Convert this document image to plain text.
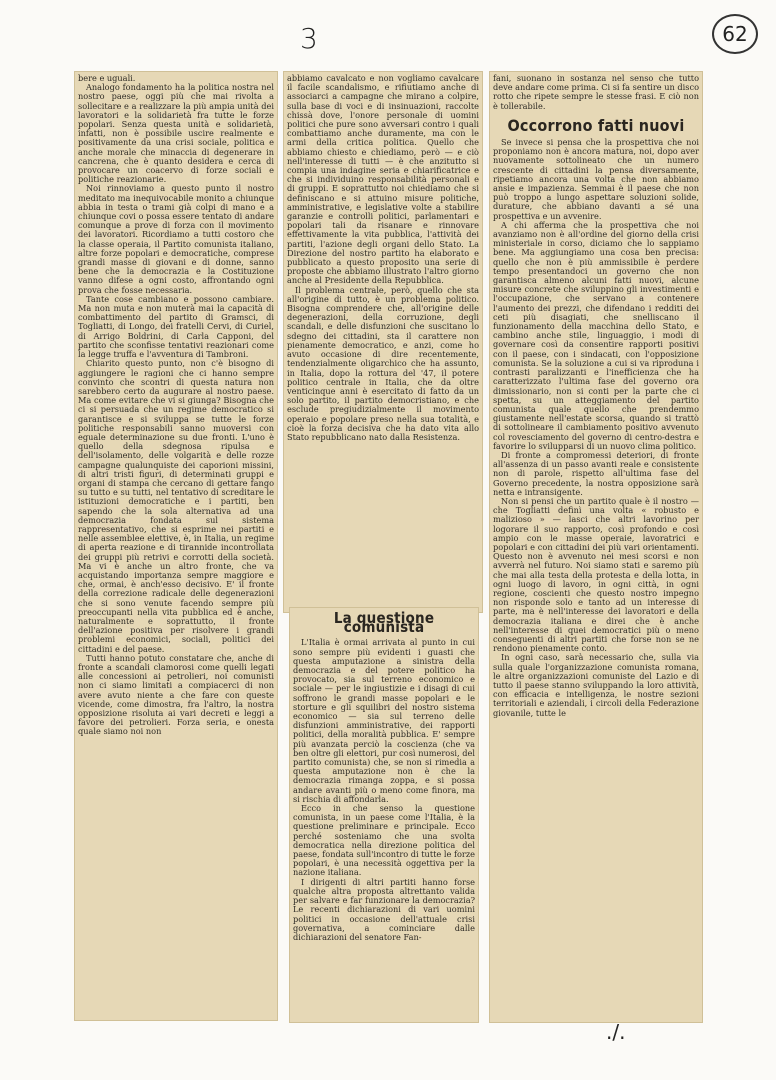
3	62

bere e uguali.

Analogo fondamento ha la politica nostra nel nostro paese, oggi più che mai rivolta a sollecitare e a realizzare la più ampia unità dei lavoratori e la solidarietà fra tutte le forze popolari. Senza questa unità e solidarietà, infatti, non è possibile uscire realmente e positivamente da una crisi sociale, politica e anche morale che minaccia di degenerare in cancrena, che è quanto desidera e cerca di provocare un coacervo di forze sociali e politiche reazionarie.

Noi rinnoviamo a questo punto il nostro meditato ma inequivocabile monito a chiunque abbia in testa o trami già colpi di mano e a chiunque covi o possa essere tentato di andare comunque a prove di forza con il movimento dei lavoratori. Ricordiamo a tutti costoro che la classe operaia, il Partito comunista italiano, altre forze popolari e democratiche, comprese grandi masse di giovani e di donne, sanno bene che la democrazia e la Costituzione vanno difese a ogni costo, affrontando ogni prova che fosse necessaria.

Tante cose cambiano e possono cambiare. Ma non muta e non muterà mai la capacità di combattimento del partito di Gramsci, di Togliatti, di Longo, dei fratelli Cervi, di Curiel, di Arrigo Boldrini, di Carla Capponi, del partito che sconfisse tentativi reazionari come la legge truffa e l'avventura di Tambroni.

Chiarito questo punto, non c'è bisogno di aggiungere le ragioni che ci hanno sempre convinto che scontri di questa natura non sarebbero certo da augurare al nostro paese. Ma come evitare che vi si giunga? Bisogna che ci si persuada che un regime democratico si garantisce e si sviluppa se tutte le forze politiche responsabili sanno muoversi con eguale determinazione su due fronti. L'uno è quello della sdegnosa ripulsa e dell'isolamento, delle volgarità e delle rozze campagne qualunquiste dei caporioni missini, di altri tristi figuri, di determinati gruppi e organi di stampa che cercano di gettare fango su tutto e su tutti, nel tentativo di screditare le istituzioni democratiche e i partiti, ben sapendo che la sola alternativa ad una democrazia fondata sul sistema rappresentativo, che si esprime nei partiti e nelle assemblee elettive, è, in Italia, un regime di aperta reazione e di tirannide incontrollata dei gruppi più retrivi e corrotti della società. Ma vi è anche un altro fronte, che va acquistando importanza sempre maggiore e che, ormai, è anch'esso decisivo. E' il fronte della correzione radicale delle degenerazioni che si sono venute facendo sempre più preoccupanti nella vita pubblica ed è anche, naturalmente e soprattutto, il fronte dell'azione positiva per risolvere i grandi problemi economici, sociali, politici dei cittadini e del paese.

Tutti hanno potuto constatare che, anche di fronte a scandali clamorosi come quelli legati alle concessioni ai petrolieri, noi comunisti non ci siamo limitati a compiacerci di non avere avuto niente a che fare con queste vicende, come dimostra, fra l'altro, la nostra opposizione risoluta ai vari decreti e leggi a favore dei petrolieri. Forza seria, e onesta quale siamo noi non

abbiamo cavalcato e non vogliamo cavalcare il facile scandalismo, e rifiutiamo anche di associarci a campagne che mirano a colpire, sulla base di voci e di insinuazioni, raccolte chissà dove, l'onore personale di uomini politici che pure sono avversari contro i quali combattiamo anche duramente, ma con le armi della critica politica. Quello che abbiamo chiesto e chiediamo, però — e ciò nell'interesse di tutti — è che anzitutto si compia una indagine seria e chiarificatrice e che si individuino responsabilità personali e di gruppi. E soprattutto noi chiediamo che si definiscano e si attuino misure politiche, amministrative, e legislative volte a stabilire garanzie e controlli politici, parlamentari e popolari tali da risanare e rinnovare effettivamente la vita pubblica, l'attività dei partiti, l'azione degli organi dello Stato. La Direzione del nostro partito ha elaborato e pubblicato a questo proposito una serie di proposte che abbiamo illustrato l'altro giorno anche al Presidente della Repubblica.

Il problema centrale, però, quello che sta all'origine di tutto, è un problema politico. Bisogna comprendere che, all'origine delle degenerazioni, della corruzione, degli scandali, e delle disfunzioni che suscitano lo sdegno dei cittadini, sta il carattere non pienamente democratico, e anzi, come ho avuto occasione di dire recentemente, tendenzialmente oligarchico che ha assunto, in Italia, dopo la rottura del '47, il potere politico centrale in Italia, che da oltre venticinque anni è esercitato di fatto da un solo partito, il partito democristiano, e che esclude pregiudizialmente il movimento operaio e popolare preso nella sua totalità, e cioè la forza decisiva che ha dato vita allo Stato repubblicano nato dalla Resistenza.

La questione comunista

L'Italia è ormai arrivata al punto in cui sono sempre più evidenti i guasti che questa amputazione a sinistra della democrazia e del potere politico ha provocato, sia sul terreno economico e sociale — per le ingiustizie e i disagi di cui soffrono le grandi masse popolari e le storture e gli squilibri del nostro sistema economico — sia sul terreno delle disfunzioni amministrative, dei rapporti politici, della moralità pubblica. E' sempre più avanzata perciò la coscienza (che va ben oltre gli elettori, pur così numerosi, del partito comunista) che, se non si rimedia a questa amputazione non è che la democrazia rimanga zoppa, e si possa andare avanti più o meno come finora, ma si rischia di affondarla.

Ecco in che senso la questione comunista, in un paese come l'Italia, è la questione preliminare e principale. Ecco perché sosteniamo che una svolta democratica nella direzione politica del paese, fondata sull'incontro di tutte le forze popolari, è una necessità oggettiva per la nazione italiana.

I dirigenti di altri partiti hanno forse qualche altra proposta altrettanto valida per salvare e far funzionare la democrazia? Le recenti dichiarazioni di vari uomini politici in occasione dell'attuale crisi governativa, a cominciare dalle dichiarazioni del senatore Fan-

fani, suonano in sostanza nel senso che tutto deve andare come prima. Ci si fa sentire un disco rotto che ripete sempre le stesse frasi. E ciò non è tollerabile.

Occorrono fatti nuovi

Se invece si pensa che la prospettiva che noi proponiamo non è ancora matura, noi, dopo aver nuovamente sottolineato che un numero crescente di cittadini la pensa diversamente, ripetiamo ancora una volta che non abbiamo ansie e impazienza. Semmai è il paese che non può troppo a lungo aspettare soluzioni solide, durature, che abbiano davanti a sé una prospettiva e un avvenire.

A chi afferma che la prospettiva che noi avanziamo non è all'ordine del giorno della crisi ministeriale in corso, diciamo che lo sappiamo bene. Ma aggiungiamo una cosa ben precisa: quello che non è più ammissibile è perdere tempo presentandoci un governo che non garantisca almeno alcuni fatti nuovi, alcune misure concrete che sviluppino gli investimenti e l'occupazione, che servano a contenere l'aumento dei prezzi, che difendano i redditi dei ceti più disagiati, che snelliscano il funzionamento della macchina dello Stato, e cambino anche stile, linguaggio, i modi di governare così da consentire rapporti positivi con il paese, con i sindacati, con l'opposizione comunista. Se la soluzione a cui si va riproduna i contrasti paralizzanti e l'inefficienza che ha caratterizzato l'ultima fase del governo ora dimissionario, non si conti per la parte che ci spetta, su un atteggiamento del partito comunista quale quello che prendemmo giustamente nell'estate scorsa, quando si trattò di sottolineare il cambiamento positivo avvenuto col rovesciamento del governo di centro-destra e favorire lo svilupparsi di un nuovo clima politico.

Di fronte a compromessi deteriori, di fronte all'assenza di un passo avanti reale e consistente non di parole, rispetto all'ultima fase del Governo precedente, la nostra opposizione sarà netta e intransigente.

Non si pensi che un partito quale è il nostro — che Togliatti definì una volta « robusto e malizioso » — lasci che altri lavorino per logorare il suo rapporto, così profondo e così ampio con le masse operaie, lavoratrici e popolari e con cittadini dei più vari orientamenti. Questo non è avvenuto nei mesi scorsi e non avverrà nel futuro. Noi siamo stati e saremo più che mai alla testa della protesta e della lotta, in ogni luogo di lavoro, in ogni città, in ogni regione, coscienti che questo nostro impegno non risponde solo e tanto ad un interesse di parte, ma è nell'interesse dei lavoratori e della democrazia italiana e direi che è anche nell'interesse di quei democratici più o meno conseguenti di altri partiti che forse non se ne rendono pienamente conto.

In ogni caso, sarà necessario che, sulla via sulla quale l'organizzazione comunista romana, le altre organizzazioni comuniste del Lazio e di tutto il paese stanno sviluppando la loro attività, con efficacia e intelligenza, le nostre sezioni territoriali e aziendali, i circoli della Federazione giovanile, tutte le

./.
